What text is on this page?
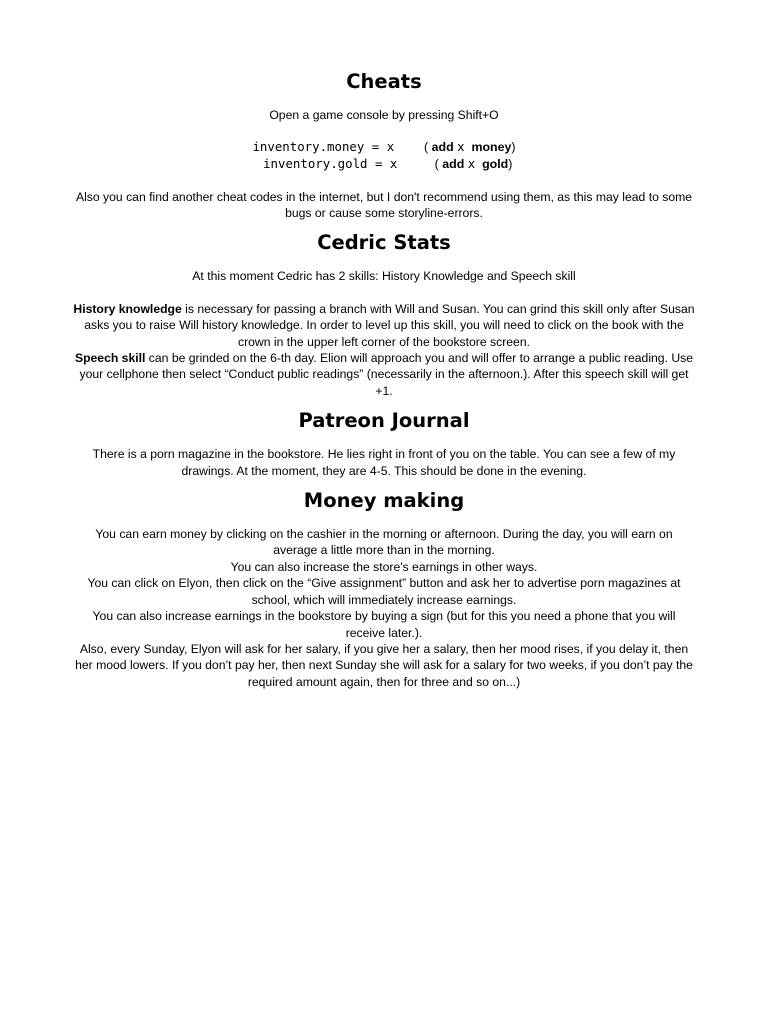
Cheats

Open a game console by pressing Shift+O

inventory.money = x ( add x money)
inventory.gold = x	( add x gold)

Also you can find another cheat codes in the internet, but I don't recommend using them, as this may lead to some bugs or cause some storyline-errors.

Cedric Stats

At this moment Cedric has 2 skills: History Knowledge and Speech skill

History knowledge is necessary for passing a branch with Will and Susan. You can grind this skill only after Susan asks you to raise Will history knowledge. In order to level up this skill, you will need to click on the book with the crown in the upper left corner of the bookstore screen.

Speech skill can be grinded on the 6-th day. Elion will approach you and will offer to arrange a public reading. Use your cellphone then select “Conduct public readings” (necessarily in the afternoon.). After this speech skill will get +1.

Patreon Journal

There is a porn magazine in the bookstore. He lies right in front of you on the table. You can see a few of my drawings. At the moment, they are 4-5. This should be done in the evening.

Money making

You can earn money by clicking on the cashier in the morning or afternoon. During the day, you will earn on average a little more than in the morning.

You can also increase the store's earnings in other ways.

You can click on Elyon, then click on the “Give assignment” button and ask her to advertise porn magazines at school, which will immediately increase earnings.

You can also increase earnings in the bookstore by buying a sign (but for this you need a phone that you will receive later.).

Also, every Sunday, Elyon will ask for her salary, if you give her a salary, then her mood rises, if you delay it, then her mood lowers. If you don’t pay her, then next Sunday she will ask for a salary for two weeks, if you don’t pay the required amount again, then for three and so on...)
